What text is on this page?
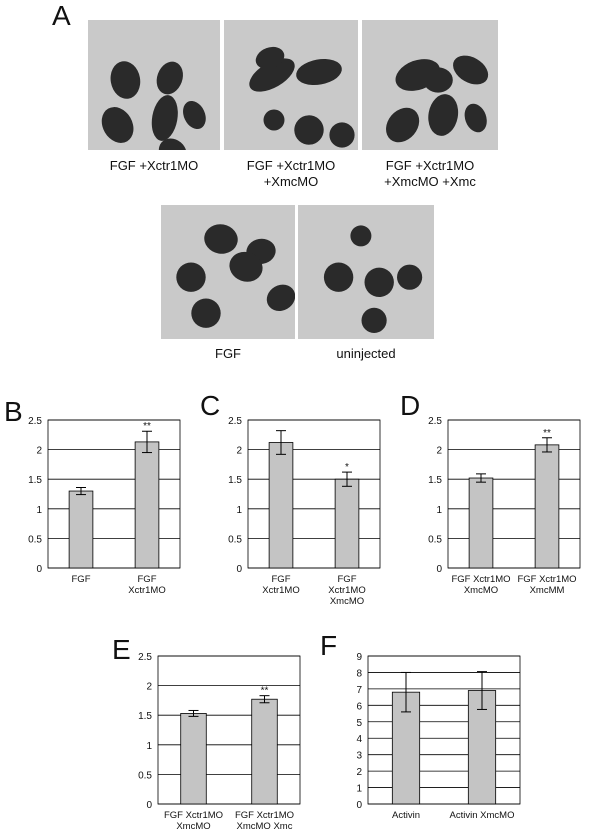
A
B	C	D
E	F
FGF +Xctr1MO	FGF +Xctr1MO
+XmcMO
FGF +Xctr1MO
+XmcMO +Xmc
FGF	uninjected
0
0.5
1
1.5
2
2.5
FGF
**
FGF
Xctr1MO
0
0.5
1
1.5
2
2.5
FGF
Xctr1MO
*
FGF
Xctr1MO
XmcMO
0
0.5
1
1.5
2
2.5
FGF Xctr1MO
XmcMO
**
FGF Xctr1MO
XmcMM
0
0.5
1
1.5
2
2.5
FGF Xctr1MO
XmcMO
**
FGF Xctr1MO
XmcMO Xmc
0
1
2
3
4
5
6
7
8
9
Activin	Activin XmcMO
